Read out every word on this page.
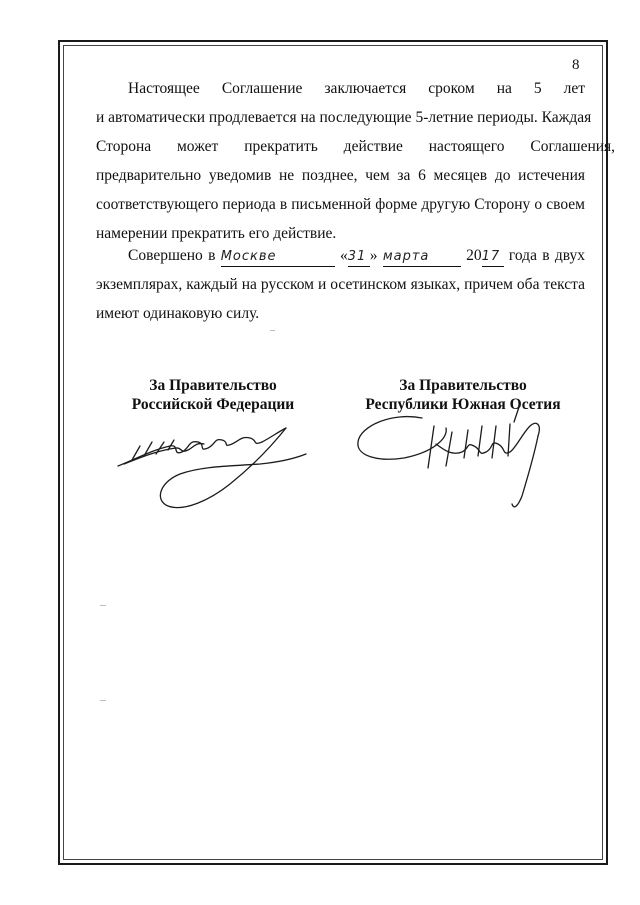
8
Настоящее Соглашение заключается сроком на 5 лет
и автоматически продлевается на последующие 5-летние периоды. Каждая
Сторона может прекратить действие настоящего Соглашения,
предварительно уведомив не позднее, чем за 6 месяцев до истечения
соответствующего периода в письменной форме другую Сторону о своем
намерении прекратить его действие.
Совершено в Москве	«31 » марта 2017 года в двух
экземплярах, каждый на русском и осетинском языках, причем оба текста
имеют одинаковую силу.
За Правительство
Российской Федерации
За Правительство
Республики Южная Осетия
